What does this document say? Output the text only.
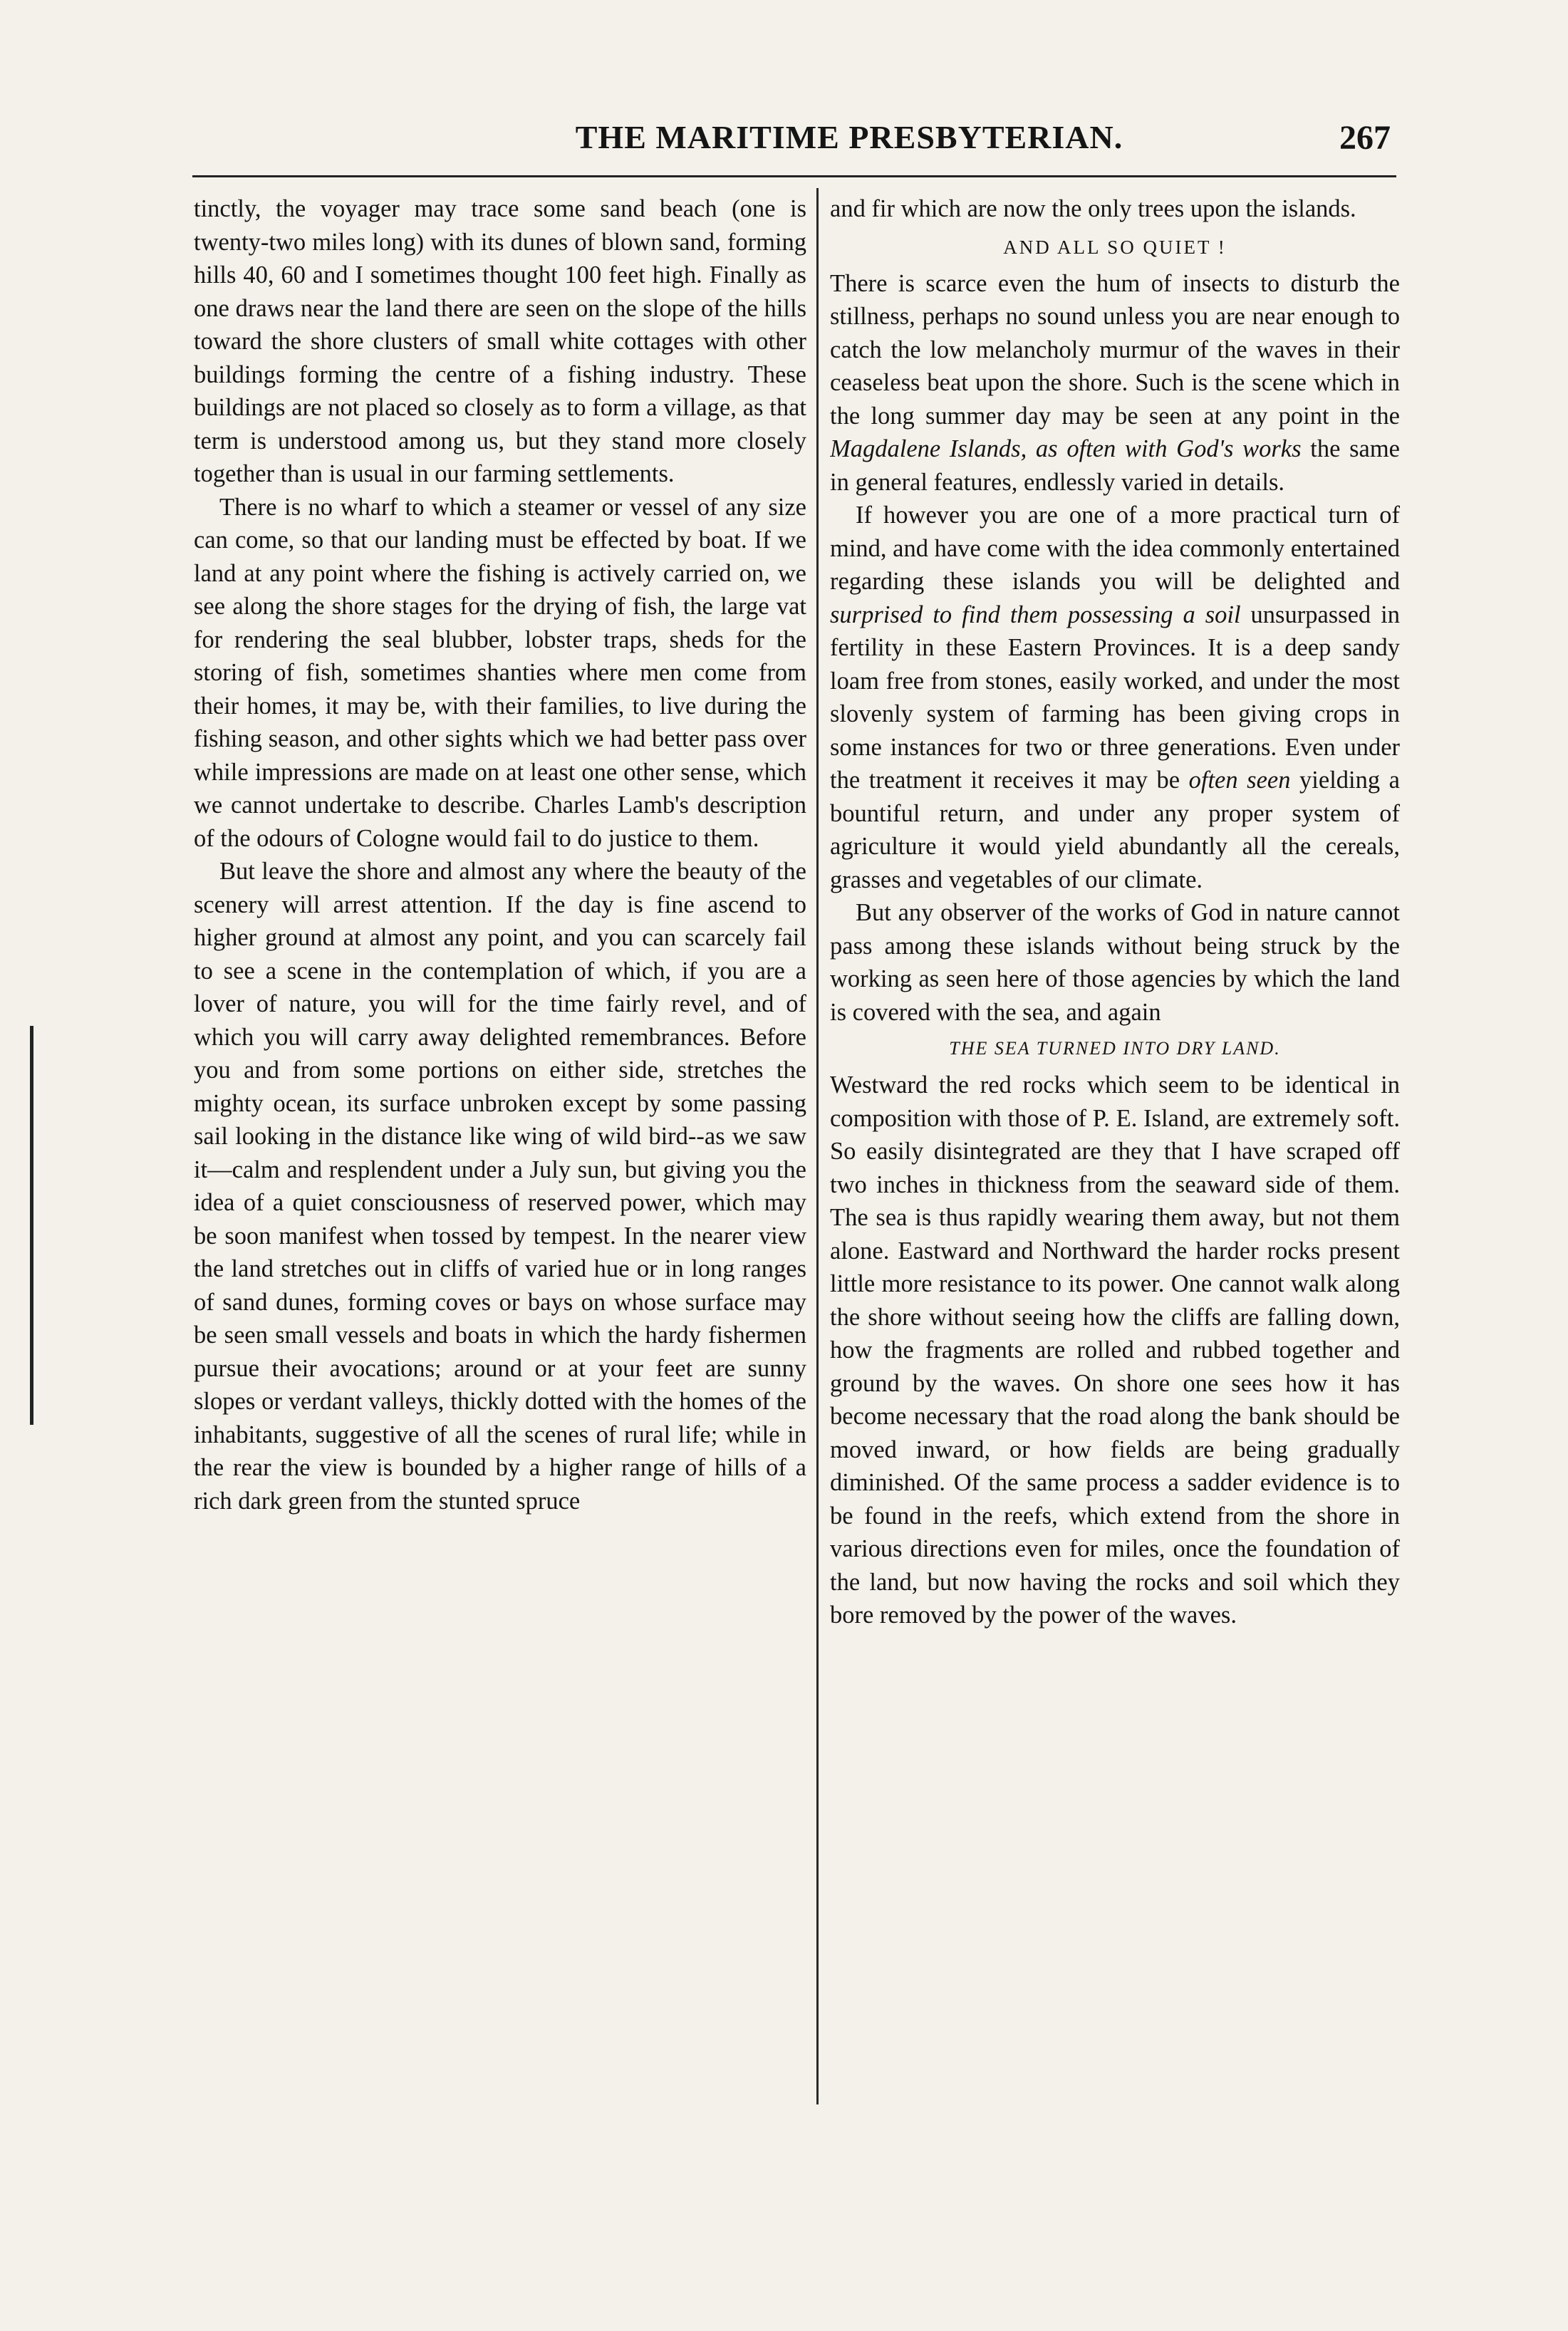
THE MARITIME PRESBYTERIAN.	267

tinctly, the voyager may trace some sand beach (one is twenty-two miles long) with its dunes of blown sand, forming hills 40, 60 and I sometimes thought 100 feet high. Finally as one draws near the land there are seen on the slope of the hills toward the shore clusters of small white cottages with other buildings forming the centre of a fishing industry. These buildings are not placed so closely as to form a village, as that term is understood among us, but they stand more closely together than is usual in our farming settlements.

There is no wharf to which a steamer or vessel of any size can come, so that our landing must be effected by boat. If we land at any point where the fishing is actively carried on, we see along the shore stages for the drying of fish, the large vat for rendering the seal blubber, lobster traps, sheds for the storing of fish, sometimes shanties where men come from their homes, it may be, with their families, to live during the fishing season, and other sights which we had better pass over while impressions are made on at least one other sense, which we cannot undertake to describe. Charles Lamb's description of the odours of Cologne would fail to do justice to them.

But leave the shore and almost any where the beauty of the scenery will arrest attention. If the day is fine ascend to higher ground at almost any point, and you can scarcely fail to see a scene in the contemplation of which, if you are a lover of nature, you will for the time fairly revel, and of which you will carry away delighted remembrances. Before you and from some portions on either side, stretches the mighty ocean, its surface unbroken except by some passing sail looking in the distance like wing of wild bird--as we saw it—calm and resplendent under a July sun, but giving you the idea of a quiet consciousness of reserved power, which may be soon manifest when tossed by tempest. In the nearer view the land stretches out in cliffs of varied hue or in long ranges of sand dunes, forming coves or bays on whose surface may be seen small vessels and boats in which the hardy fishermen pursue their avocations; around or at your feet are sunny slopes or verdant valleys, thickly dotted with the homes of the inhabitants, suggestive of all the scenes of rural life; while in the rear the view is bounded by a higher range of hills of a rich dark green from the stunted spruce

and fir which are now the only trees upon the islands.

AND ALL SO QUIET !

There is scarce even the hum of insects to disturb the stillness, perhaps no sound unless you are near enough to catch the low melancholy murmur of the waves in their ceaseless beat upon the shore. Such is the scene which in the long summer day may be seen at any point in the Magdalene Islands, as often with God's works the same in general features, endlessly varied in details.

If however you are one of a more practical turn of mind, and have come with the idea commonly entertained regarding these islands you will be delighted and surprised to find them possessing a soil unsurpassed in fertility in these Eastern Provinces. It is a deep sandy loam free from stones, easily worked, and under the most slovenly system of farming has been giving crops in some instances for two or three generations. Even under the treatment it receives it may be often seen yielding a bountiful return, and under any proper system of agriculture it would yield abundantly all the cereals, grasses and vegetables of our climate.

But any observer of the works of God in nature cannot pass among these islands without being struck by the working as seen here of those agencies by which the land is covered with the sea, and again

THE SEA TURNED INTO DRY LAND.

Westward the red rocks which seem to be identical in composition with those of P. E. Island, are extremely soft. So easily disintegrated are they that I have scraped off two inches in thickness from the seaward side of them. The sea is thus rapidly wearing them away, but not them alone. Eastward and Northward the harder rocks present little more resistance to its power. One cannot walk along the shore without seeing how the cliffs are falling down, how the fragments are rolled and rubbed together and ground by the waves. On shore one sees how it has become necessary that the road along the bank should be moved inward, or how fields are being gradually diminished. Of the same process a sadder evidence is to be found in the reefs, which extend from the shore in various directions even for miles, once the foundation of the land, but now having the rocks and soil which they bore removed by the power of the waves.
